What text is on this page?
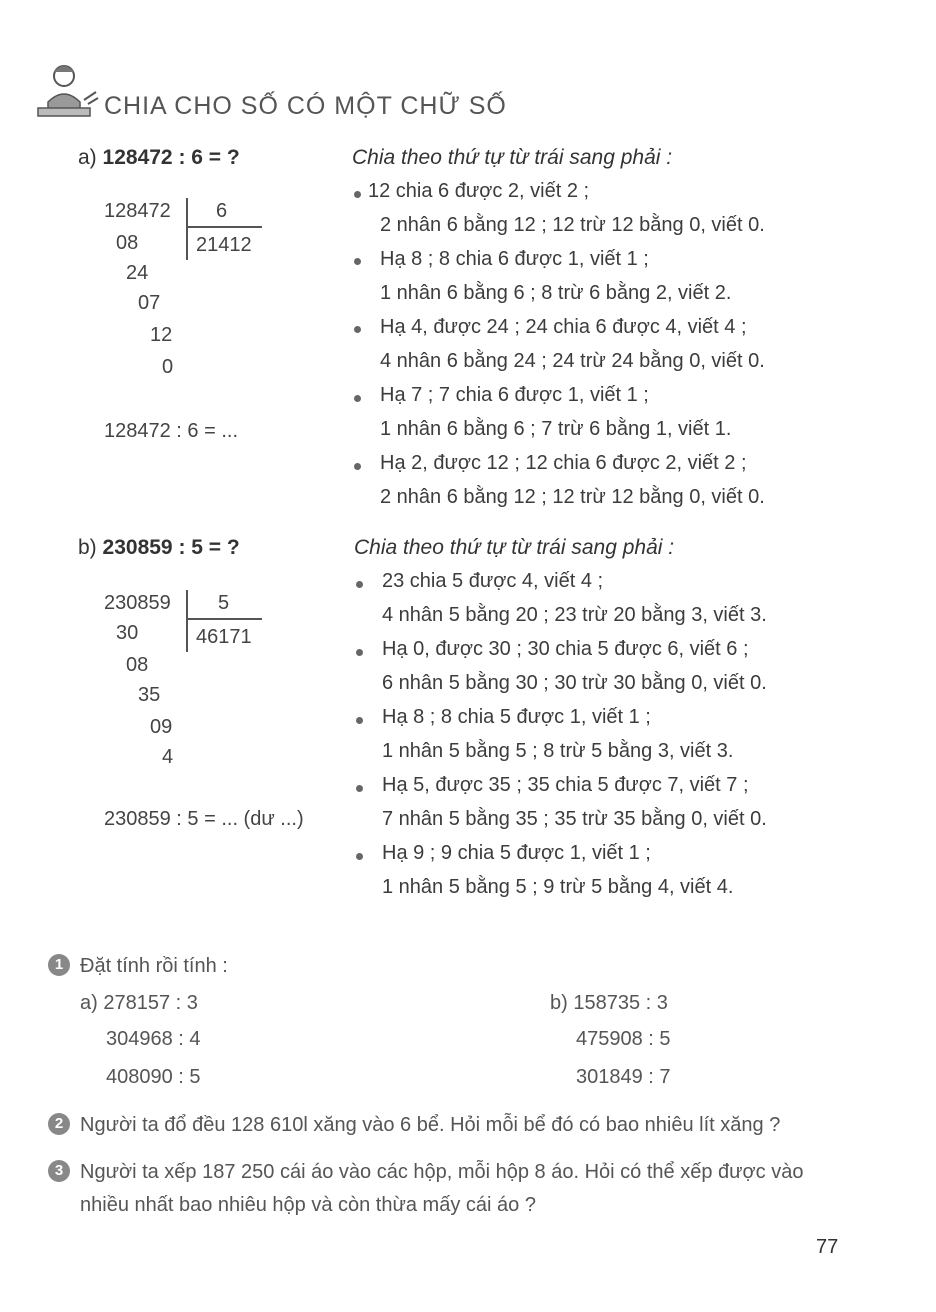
CHIA CHO SỐ CÓ MỘT CHỮ SỐ
a) 128472 : 6 = ?
128472 6
21412
08
24
07
12
0
128472 : 6 = ...
Chia theo thứ tự từ trái sang phải :
12 chia 6 được 2, viết 2 ;
2 nhân 6 bằng 12 ; 12 trừ 12 bằng 0, viết 0.
Hạ 8 ; 8 chia 6 được 1, viết 1 ;
1 nhân 6 bằng 6 ; 8 trừ 6 bằng 2, viết 2.
Hạ 4, được 24 ; 24 chia 6 được 4, viết 4 ;
4 nhân 6 bằng 24 ; 24 trừ 24 bằng 0, viết 0.
Hạ 7 ; 7 chia 6 được 1, viết 1 ;
1 nhân 6 bằng 6 ; 7 trừ 6 bằng 1, viết 1.
Hạ 2, được 12 ; 12 chia 6 được 2, viết 2 ;
2 nhân 6 bằng 12 ; 12 trừ 12 bằng 0, viết 0.
b) 230859 : 5 = ?
230859 5
46171
30
08
35
09
4
230859 : 5 = ... (dư ...)
Chia theo thứ tự từ trái sang phải :
23 chia 5 được 4, viết 4 ;
4 nhân 5 bằng 20 ; 23 trừ 20 bằng 3, viết 3.
Hạ 0, được 30 ; 30 chia 5 được 6, viết 6 ;
6 nhân 5 bằng 30 ; 30 trừ 30 bằng 0, viết 0.
Hạ 8 ; 8 chia 5 được 1, viết 1 ;
1 nhân 5 bằng 5 ; 8 trừ 5 bằng 3, viết 3.
Hạ 5, được 35 ; 35 chia 5 được 7, viết 7 ;
7 nhân 5 bằng 35 ; 35 trừ 35 bằng 0, viết 0.
Hạ 9 ; 9 chia 5 được 1, viết 1 ;
1 nhân 5 bằng 5 ; 9 trừ 5 bằng 4, viết 4.
1 Đặt tính rồi tính :
a) 278157 : 3
304968 : 4
408090 : 5
b) 158735 : 3
475908 : 5
301849 : 7
2 Người ta đổ đều 128 610l xăng vào 6 bể. Hỏi mỗi bể đó có bao nhiêu lít xăng ?
3 Người ta xếp 187 250 cái áo vào các hộp, mỗi hộp 8 áo. Hỏi có thể xếp được vào
nhiều nhất bao nhiêu hộp và còn thừa mấy cái áo ?
77
